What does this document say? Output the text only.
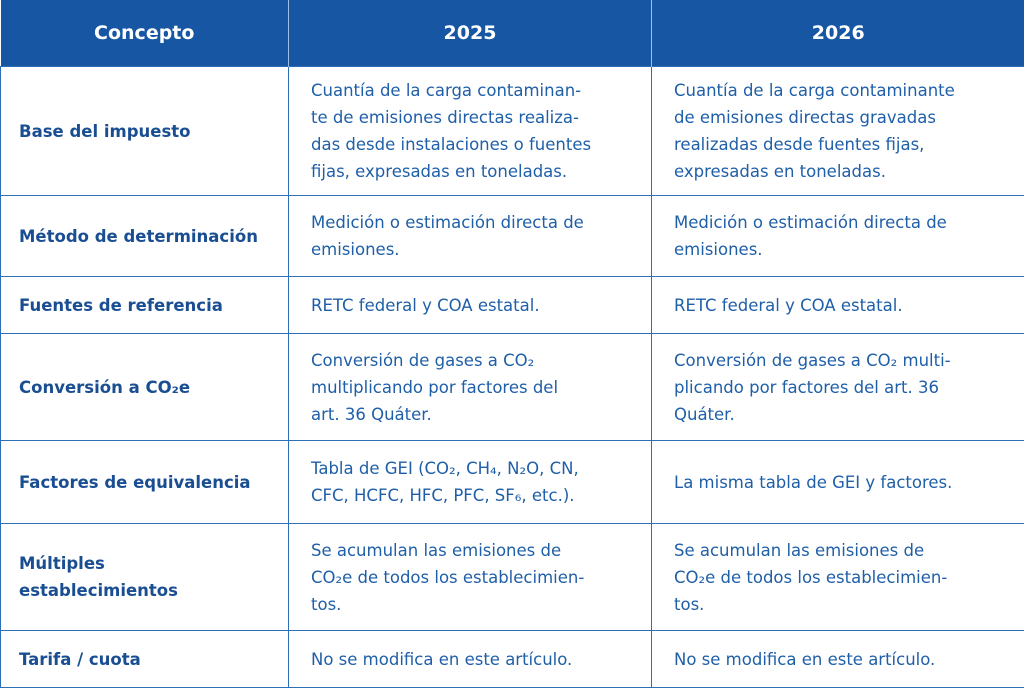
Concepto	2025	2026
Base del impuesto	Cuantía de la carga contaminan-
te de emisiones directas realiza-
das desde instalaciones o fuentes
fijas, expresadas en toneladas.	Cuantía de la carga contaminante
de emisiones directas gravadas
realizadas desde fuentes fijas,
expresadas en toneladas.
Método de determinación	Medición o estimación directa de
emisiones.	Medición o estimación directa de
emisiones.
Fuentes de referencia	RETC federal y COA estatal.	RETC federal y COA estatal.
Conversión a CO₂e	Conversión de gases a CO₂
multiplicando por factores del
art. 36 Quáter.	Conversión de gases a CO₂ multi-
plicando por factores del art. 36
Quáter.
Factores de equivalencia	Tabla de GEI (CO₂, CH₄, N₂O, CN,
CFC, HCFC, HFC, PFC, SF₆, etc.).	La misma tabla de GEI y factores.
Múltiples
establecimientos	Se acumulan las emisiones de
CO₂e de todos los establecimien-
tos.	Se acumulan las emisiones de
CO₂e de todos los establecimien-
tos.
Tarifa / cuota	No se modifica en este artículo.	No se modifica en este artículo.
